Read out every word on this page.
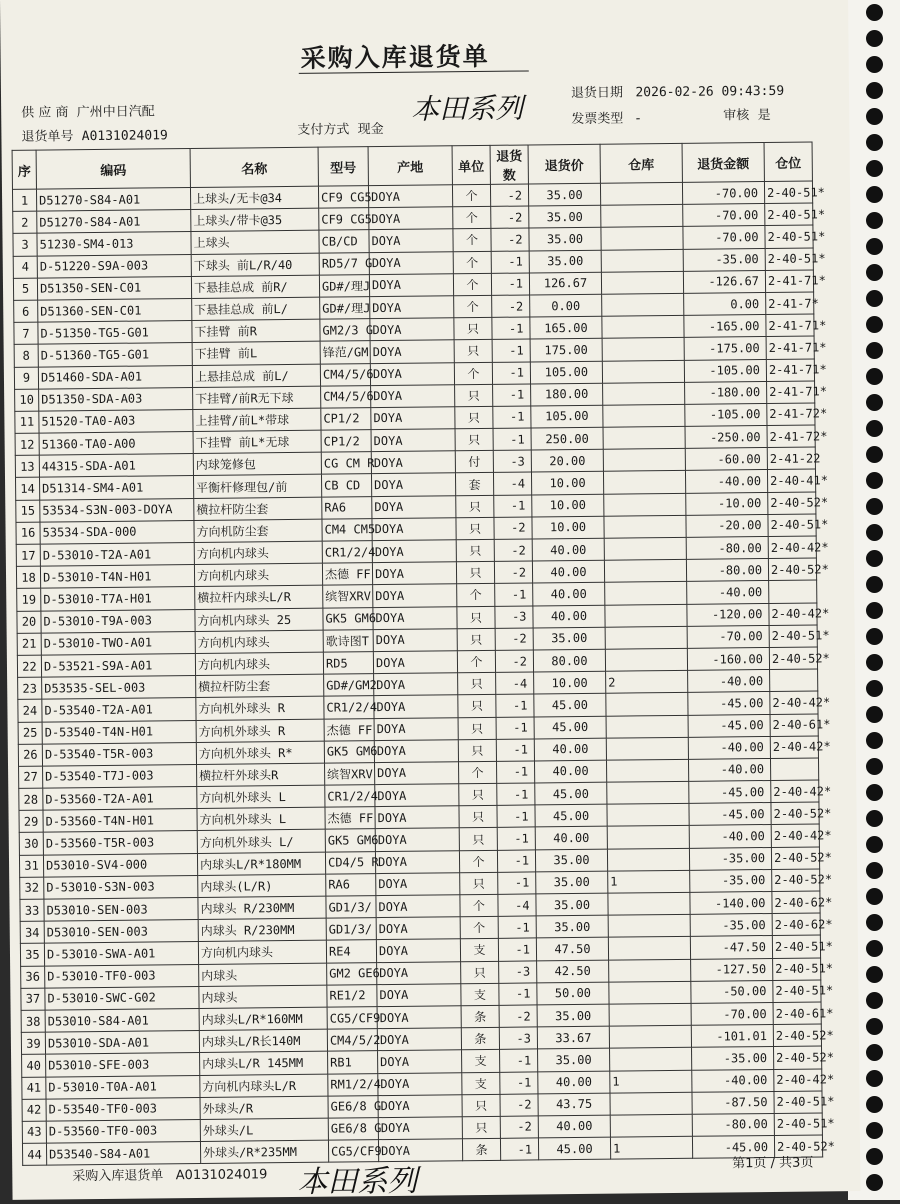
采购入库退货单
供 应 商 广州中日汽配
退货单号 A0131024019	支付方式 现金
本田系列	退货日期 2026-02-26 09:43:59
发票类型 -	审核 是
序	编码	名称	型号	产地	单位	退货数	退货价	仓库	退货金额	仓位
1	D51270-S84-A01	上球头/无卡@34	CF9 CG5	DOYA	个	-2	35.00		-70.00	2-40-51*
2	D51270-S84-A01	上球头/带卡@35	CF9 CG5	DOYA	个	-2	35.00		-70.00	2-40-51*
3	51230-SM4-013	上球头	CB/CD	DOYA	个	-2	35.00		-70.00	2-40-51*
4	D-51220-S9A-003	下球头 前L/R/40	RD5/7 G	DOYA	个	-1	35.00		-35.00	2-40-51*
5	D51350-SEN-C01	下悬挂总成 前R/	GD#/理J	DOYA	个	-1	126.67		-126.67	2-41-71*
6	D51360-SEN-C01	下悬挂总成 前L/	GD#/理J	DOYA	个	-2	0.00		0.00	2-41-7*
7	D-51350-TG5-G01	下挂臂 前R	GM2/3 G	DOYA	只	-1	165.00		-165.00	2-41-71*
8	D-51360-TG5-G01	下挂臂 前L	锋范/GM	DOYA	只	-1	175.00		-175.00	2-41-71*
9	D51460-SDA-A01	上悬挂总成 前L/	CM4/5/6	DOYA	个	-1	105.00		-105.00	2-41-71*
10	D51350-SDA-A03	下挂臂/前R无下球	CM4/5/6	DOYA	只	-1	180.00		-180.00	2-41-71*
11	51520-TA0-A03	上挂臂/前L*带球	CP1/2	DOYA	只	-1	105.00		-105.00	2-41-72*
12	51360-TA0-A00	下挂臂 前L*无球	CP1/2	DOYA	只	-1	250.00		-250.00	2-41-72*
13	44315-SDA-A01	内球笼修包	CG CM R	DOYA	付	-3	20.00		-60.00	2-41-22
14	D51314-SM4-A01	平衡杆修理包/前	CB CD	DOYA	套	-4	10.00		-40.00	2-40-41*
15	53534-S3N-003-DOYA	横拉杆防尘套	RA6	DOYA	只	-1	10.00		-10.00	2-40-52*
16	53534-SDA-000	方向机防尘套	CM4 CM5	DOYA	只	-2	10.00		-20.00	2-40-51*
17	D-53010-T2A-A01	方向机内球头	CR1/2/4	DOYA	只	-2	40.00		-80.00	2-40-42*
18	D-53010-T4N-H01	方向机内球头	杰德 FF	DOYA	只	-2	40.00		-80.00	2-40-52*
19	D-53010-T7A-H01	横拉杆内球头L/R	缤智XRV	DOYA	个	-1	40.00		-40.00	
20	D-53010-T9A-003	方向机内球头 25	GK5 GM6	DOYA	只	-3	40.00		-120.00	2-40-42*
21	D-53010-TWO-A01	方向机内球头	歌诗图T	DOYA	只	-2	35.00		-70.00	2-40-51*
22	D-53521-S9A-A01	方向机内球头	RD5	DOYA	个	-2	80.00		-160.00	2-40-52*
23	D53535-SEL-003	横拉杆防尘套	GD#/GM2	DOYA	只	-4	10.00	2	-40.00	
24	D-53540-T2A-A01	方向机外球头 R	CR1/2/4	DOYA	只	-1	45.00		-45.00	2-40-42*
25	D-53540-T4N-H01	方向机外球头 R	杰德 FF	DOYA	只	-1	45.00		-45.00	2-40-61*
26	D-53540-T5R-003	方向机外球头 R*	GK5 GM6	DOYA	只	-1	40.00		-40.00	2-40-42*
27	D-53540-T7J-003	横拉杆外球头R	缤智XRV	DOYA	个	-1	40.00		-40.00	
28	D-53560-T2A-A01	方向机外球头 L	CR1/2/4	DOYA	只	-1	45.00		-45.00	2-40-42*
29	D-53560-T4N-H01	方向机外球头 L	杰德 FF	DOYA	只	-1	45.00		-45.00	2-40-52*
30	D-53560-T5R-003	方向机外球头 L/	GK5 GM6	DOYA	只	-1	40.00		-40.00	2-40-42*
31	D53010-SV4-000	内球头L/R*180MM	CD4/5 R	DOYA	个	-1	35.00		-35.00	2-40-52*
32	D-53010-S3N-003	内球头(L/R)	RA6	DOYA	只	-1	35.00	1	-35.00	2-40-52*
33	D53010-SEN-003	内球头 R/230MM	GD1/3/	DOYA	个	-4	35.00		-140.00	2-40-62*
34	D53010-SEN-003	内球头 R/230MM	GD1/3/	DOYA	个	-1	35.00		-35.00	2-40-62*
35	D-53010-SWA-A01	方向机内球头	RE4	DOYA	支	-1	47.50		-47.50	2-40-51*
36	D-53010-TF0-003	内球头	GM2 GE6	DOYA	只	-3	42.50		-127.50	2-40-51*
37	D-53010-SWC-G02	内球头	RE1/2	DOYA	支	-1	50.00		-50.00	2-40-51*
38	D53010-S84-A01	内球头L/R*160MM	CG5/CF9	DOYA	条	-2	35.00		-70.00	2-40-61*
39	D53010-SDA-A01	内球头L/R长140M	CM4/5/2	DOYA	条	-3	33.67		-101.01	2-40-52*
40	D53010-SFE-003	内球头L/R 145MM	RB1	DOYA	支	-1	35.00		-35.00	2-40-52*
41	D-53010-T0A-A01	方向机内球头L/R	RM1/2/4	DOYA	支	-1	40.00	1	-40.00	2-40-42*
42	D-53540-TF0-003	外球头/R	GE6/8 G	DOYA	只	-2	43.75		-87.50	2-40-51*
43	D-53560-TF0-003	外球头/L	GE6/8 G	DOYA	只	-2	40.00		-80.00	2-40-51*
44	D53540-S84-A01	外球头/R*235MM	CG5/CF9	DOYA	条	-1	45.00	1	-45.00	2-40-52*
采购入库退货单 A0131024019 本田系列
第1页 / 共3页
